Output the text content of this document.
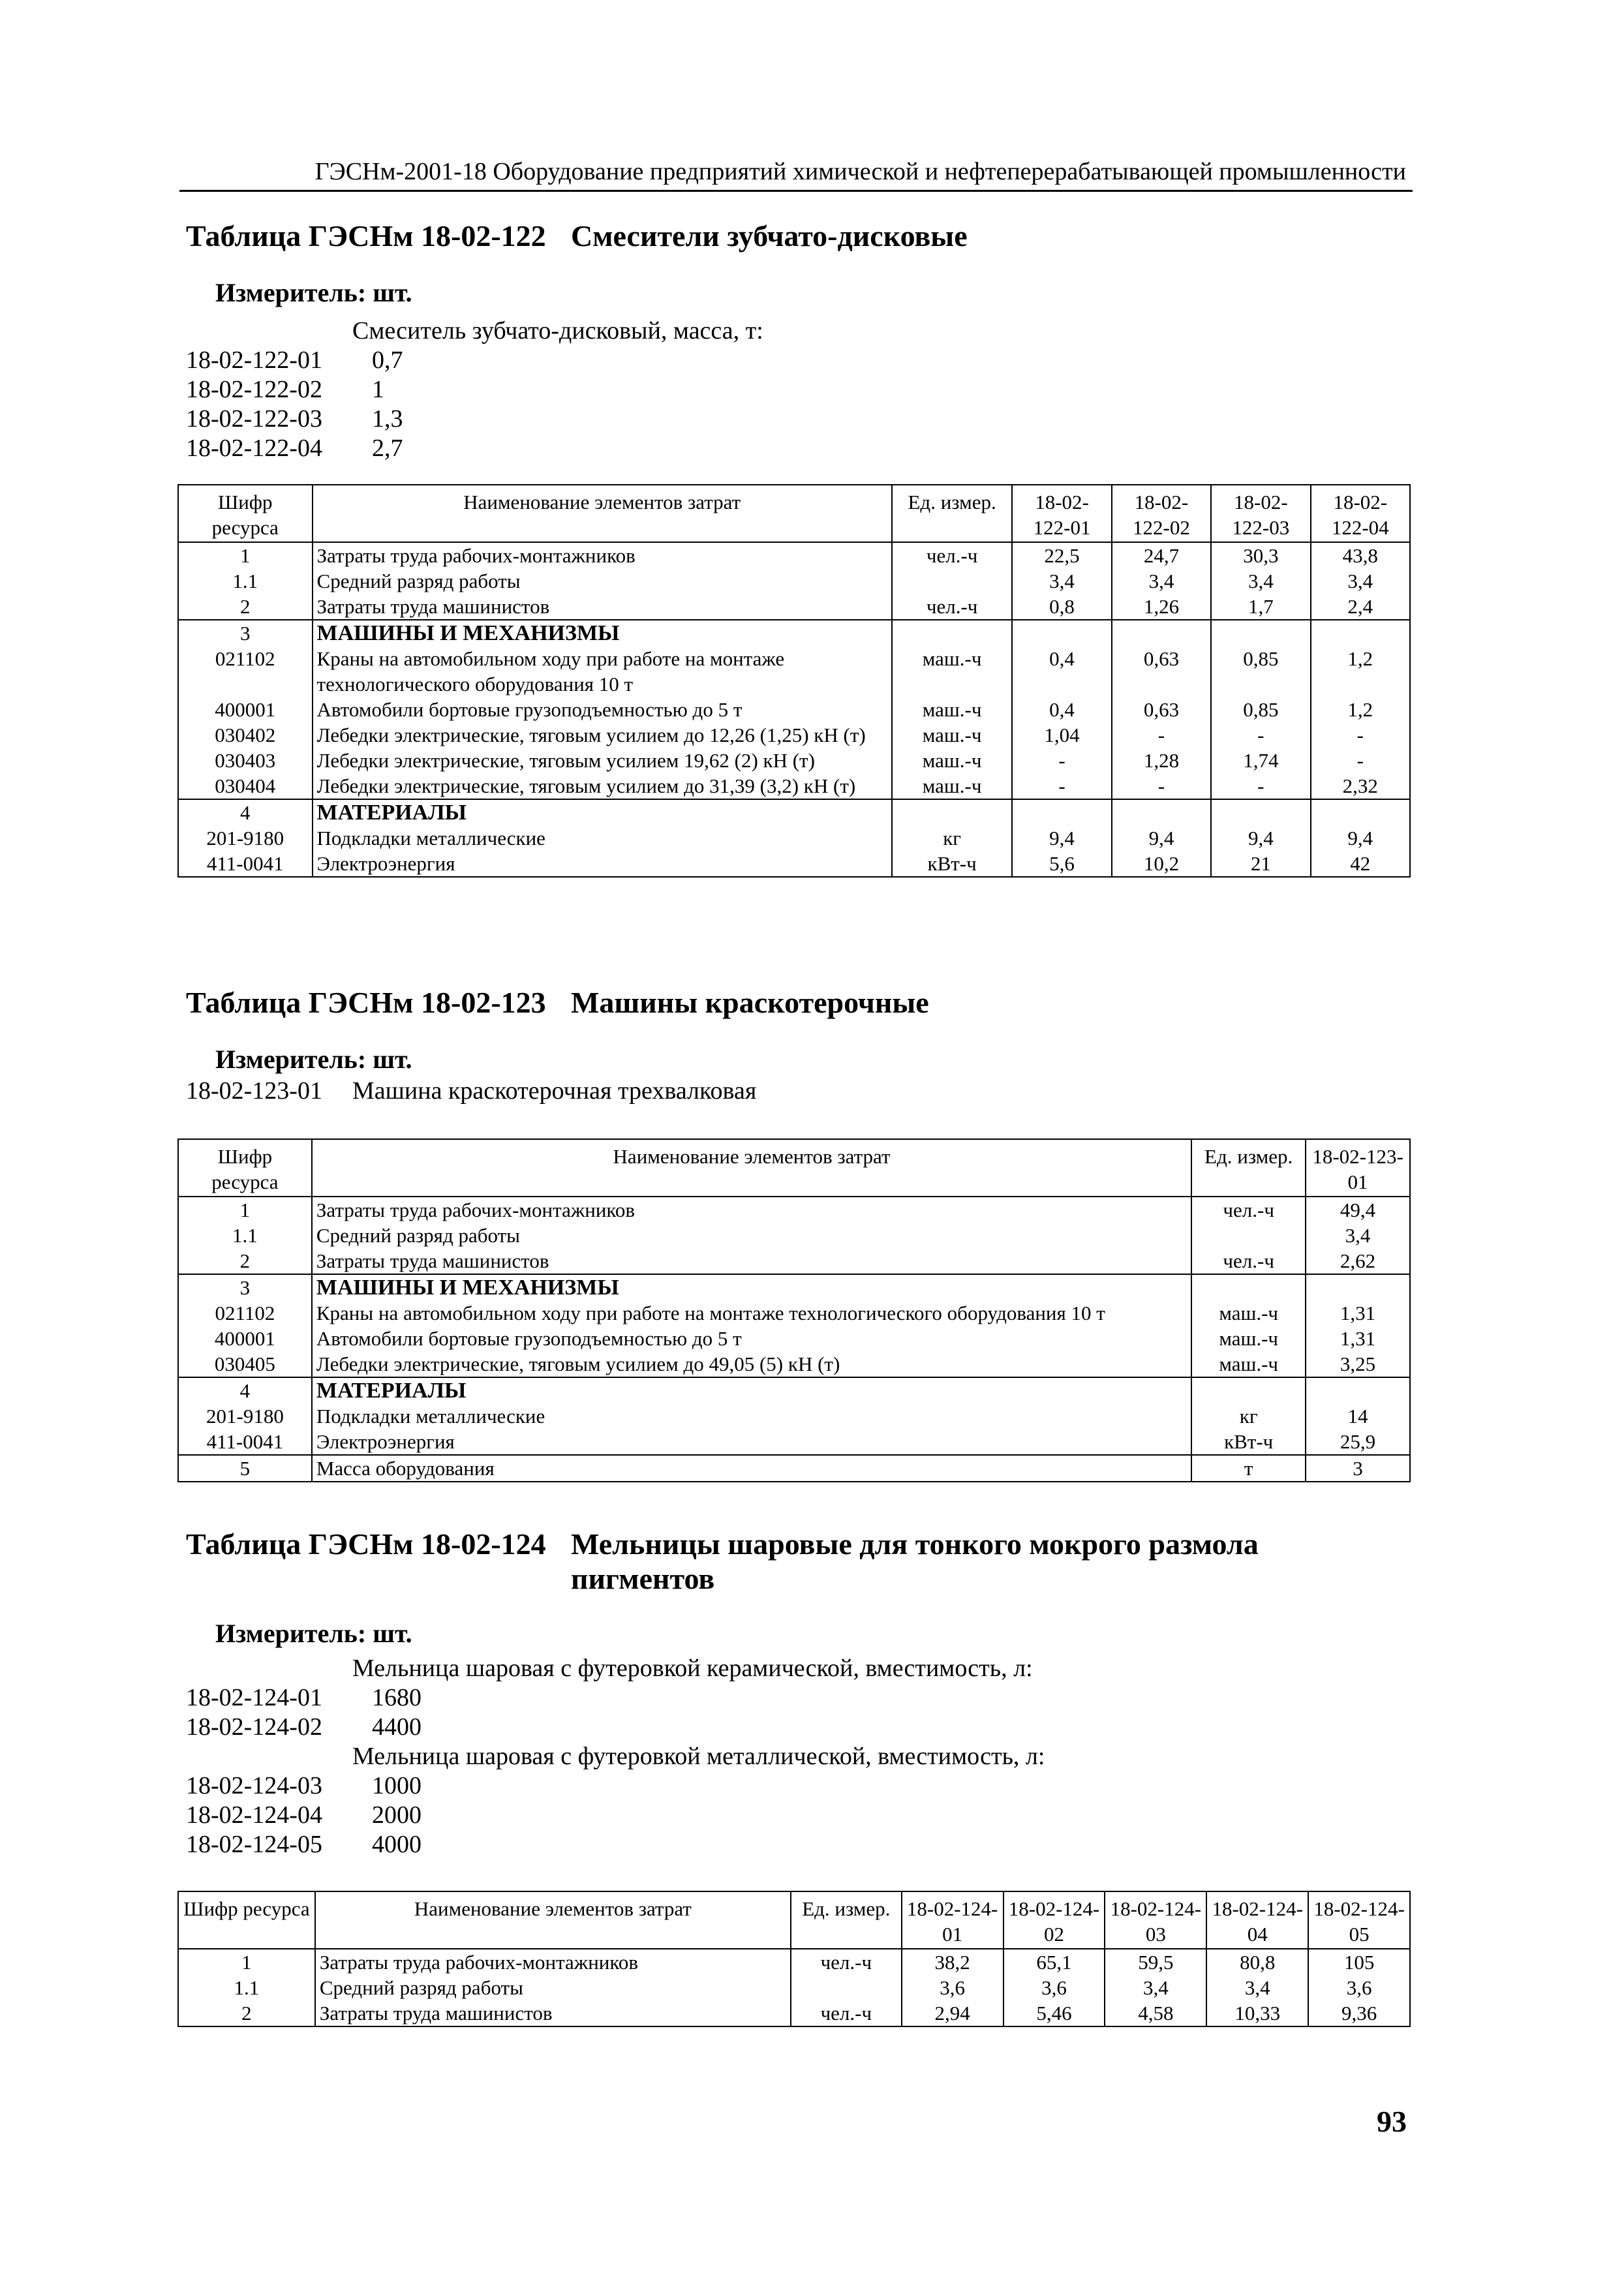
ГЭСНм-2001-18 Оборудование предприятий химической и нефтеперерабатывающей промышленности
Таблица ГЭСНм 18-02-122 Смесители зубчато-дисковые
Измеритель: шт.
Смеситель зубчато-дисковый, масса, т:
18-02-122-01 0,7
18-02-122-02 1
18-02-122-03 1,3
18-02-122-04 2,7
Шифр ресурса	Наименование элементов затрат	Ед. измер.	18-02-122-01	18-02-122-02	18-02-122-03	18-02-122-04
1	Затраты труда рабочих-монтажников	чел.-ч	22,5	24,7	30,3	43,8
1.1	Средний разряд работы		3,4	3,4	3,4	3,4
2	Затраты труда машинистов	чел.-ч	0,8	1,26	1,7	2,4
3	МАШИНЫ И МЕХАНИЗМЫ					
021102	Краны на автомобильном ходу при работе на монтаже технологического оборудования 10 т	маш.-ч	0,4	0,63	0,85	1,2
400001	Автомобили бортовые грузоподъемностью до 5 т	маш.-ч	0,4	0,63	0,85	1,2
030402	Лебедки электрические, тяговым усилием до 12,26 (1,25) кН (т)	маш.-ч	1,04	-	-	-
030403	Лебедки электрические, тяговым усилием 19,62 (2) кН (т)	маш.-ч	-	1,28	1,74	-
030404	Лебедки электрические, тяговым усилием до 31,39 (3,2) кН (т)	маш.-ч	-	-	-	2,32
4	МАТЕРИАЛЫ					
201-9180	Подкладки металлические	кг	9,4	9,4	9,4	9,4
411-0041	Электроэнергия	кВт-ч	5,6	10,2	21	42
Таблица ГЭСНм 18-02-123 Машины краскотерочные
Измеритель: шт.
18-02-123-01 Машина краскотерочная трехвалковая
Шифр ресурса	Наименование элементов затрат	Ед. измер.	18-02-123-01
1	Затраты труда рабочих-монтажников	чел.-ч	49,4
1.1	Средний разряд работы		3,4
2	Затраты труда машинистов	чел.-ч	2,62
3	МАШИНЫ И МЕХАНИЗМЫ		
021102	Краны на автомобильном ходу при работе на монтаже технологического оборудования 10 т	маш.-ч	1,31
400001	Автомобили бортовые грузоподъемностью до 5 т	маш.-ч	1,31
030405	Лебедки электрические, тяговым усилием до 49,05 (5) кН (т)	маш.-ч	3,25
4	МАТЕРИАЛЫ		
201-9180	Подкладки металлические	кг	14
411-0041	Электроэнергия	кВт-ч	25,9
5	Масса оборудования	т	3
Таблица ГЭСНм 18-02-124 Мельницы шаровые для тонкого мокрого размола пигментов
Измеритель: шт.
Мельница шаровая с футеровкой керамической, вместимость, л:
18-02-124-01 1680
18-02-124-02 4400
Мельница шаровая с футеровкой металлической, вместимость, л:
18-02-124-03 1000
18-02-124-04 2000
18-02-124-05 4000
Шифр ресурса	Наименование элементов затрат	Ед. измер.	18-02-124-01	18-02-124-02	18-02-124-03	18-02-124-04	18-02-124-05
1	Затраты труда рабочих-монтажников	чел.-ч	38,2	65,1	59,5	80,8	105
1.1	Средний разряд работы		3,6	3,6	3,4	3,4	3,6
2	Затраты труда машинистов	чел.-ч	2,94	5,46	4,58	10,33	9,36
93
